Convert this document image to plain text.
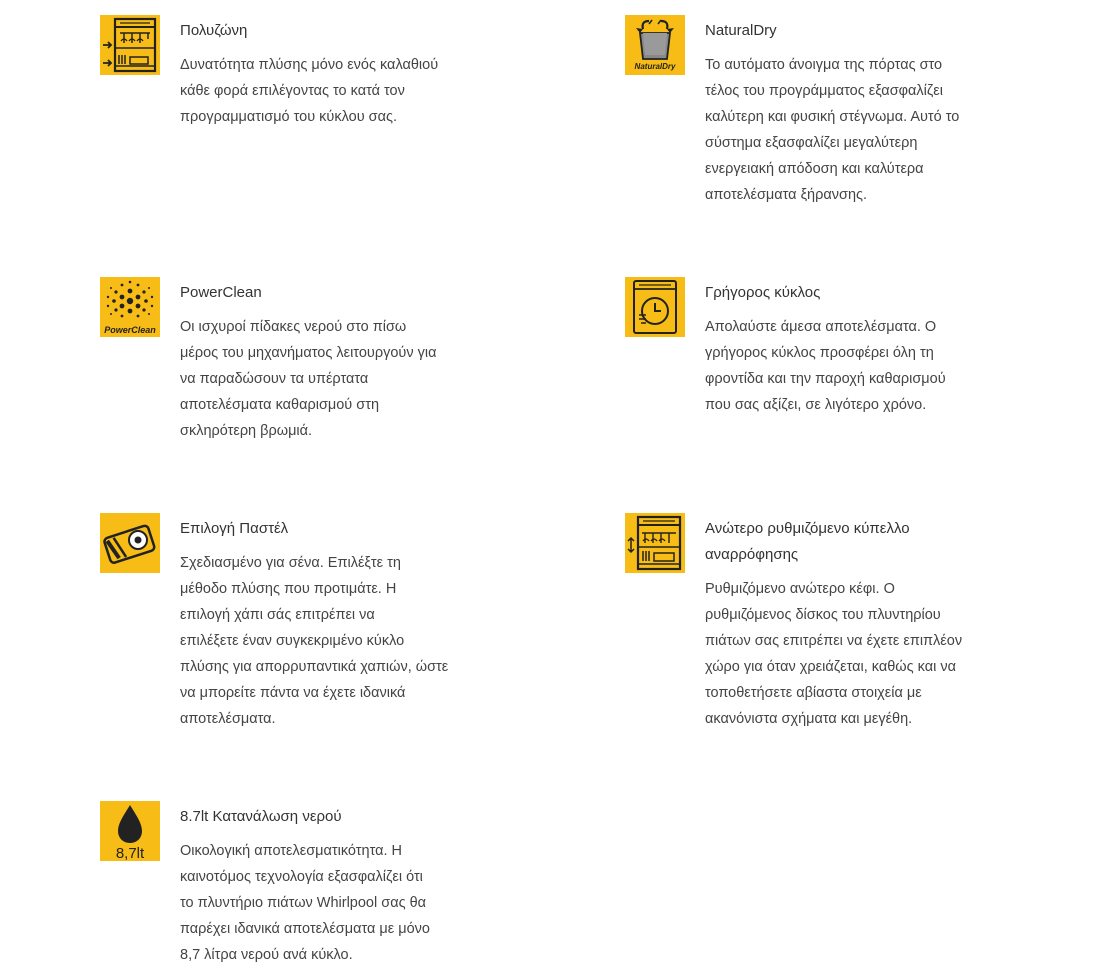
Πολυζώνη
Δυνατότητα πλύσης μόνο ενός καλαθιού
κάθε φορά επιλέγοντας το κατά τον
προγραμματισμό του κύκλου σας.
NaturalDry
NaturalDry
Το αυτόματο άνοιγμα της πόρτας στο
τέλος του προγράμματος εξασφαλίζει
καλύτερη και φυσική στέγνωμα. Αυτό το
σύστημα εξασφαλίζει μεγαλύτερη
ενεργειακή απόδοση και καλύτερα
αποτελέσματα ξήρανσης.
PowerClean
PowerClean
Οι ισχυροί πίδακες νερού στο πίσω
μέρος του μηχανήματος λειτουργούν για
να παραδώσουν τα υπέρτατα
αποτελέσματα καθαρισμού στη
σκληρότερη βρωμιά.
Γρήγορος κύκλος
Απολαύστε άμεσα αποτελέσματα. Ο
γρήγορος κύκλος προσφέρει όλη τη
φροντίδα και την παροχή καθαρισμού
που σας αξίζει, σε λιγότερο χρόνο.
Επιλογή Παστέλ
Σχεδιασμένο για σένα. Επιλέξτε τη
μέθοδο πλύσης που προτιμάτε. Η
επιλογή χάπι σάς επιτρέπει να
επιλέξετε έναν συγκεκριμένο κύκλο
πλύσης για απορρυπαντικά χαπιών, ώστε
να μπορείτε πάντα να έχετε ιδανικά
αποτελέσματα.
Ανώτερο ρυθμιζόμενο κύπελλο
αναρρόφησης
Ρυθμιζόμενο ανώτερο κέφι. Ο
ρυθμιζόμενος δίσκος του πλυντηρίου
πιάτων σας επιτρέπει να έχετε επιπλέον
χώρο για όταν χρειάζεται, καθώς και να
τοποθετήσετε αβίαστα στοιχεία με
ακανόνιστα σχήματα και μεγέθη.
8,7lt
8.7lt Κατανάλωση νερού
Οικολογική αποτελεσματικότητα. Η
καινοτόμος τεχνολογία εξασφαλίζει ότι
το πλυντήριο πιάτων Whirlpool σας θα
παρέχει ιδανικά αποτελέσματα με μόνο
8,7 λίτρα νερού ανά κύκλο.
